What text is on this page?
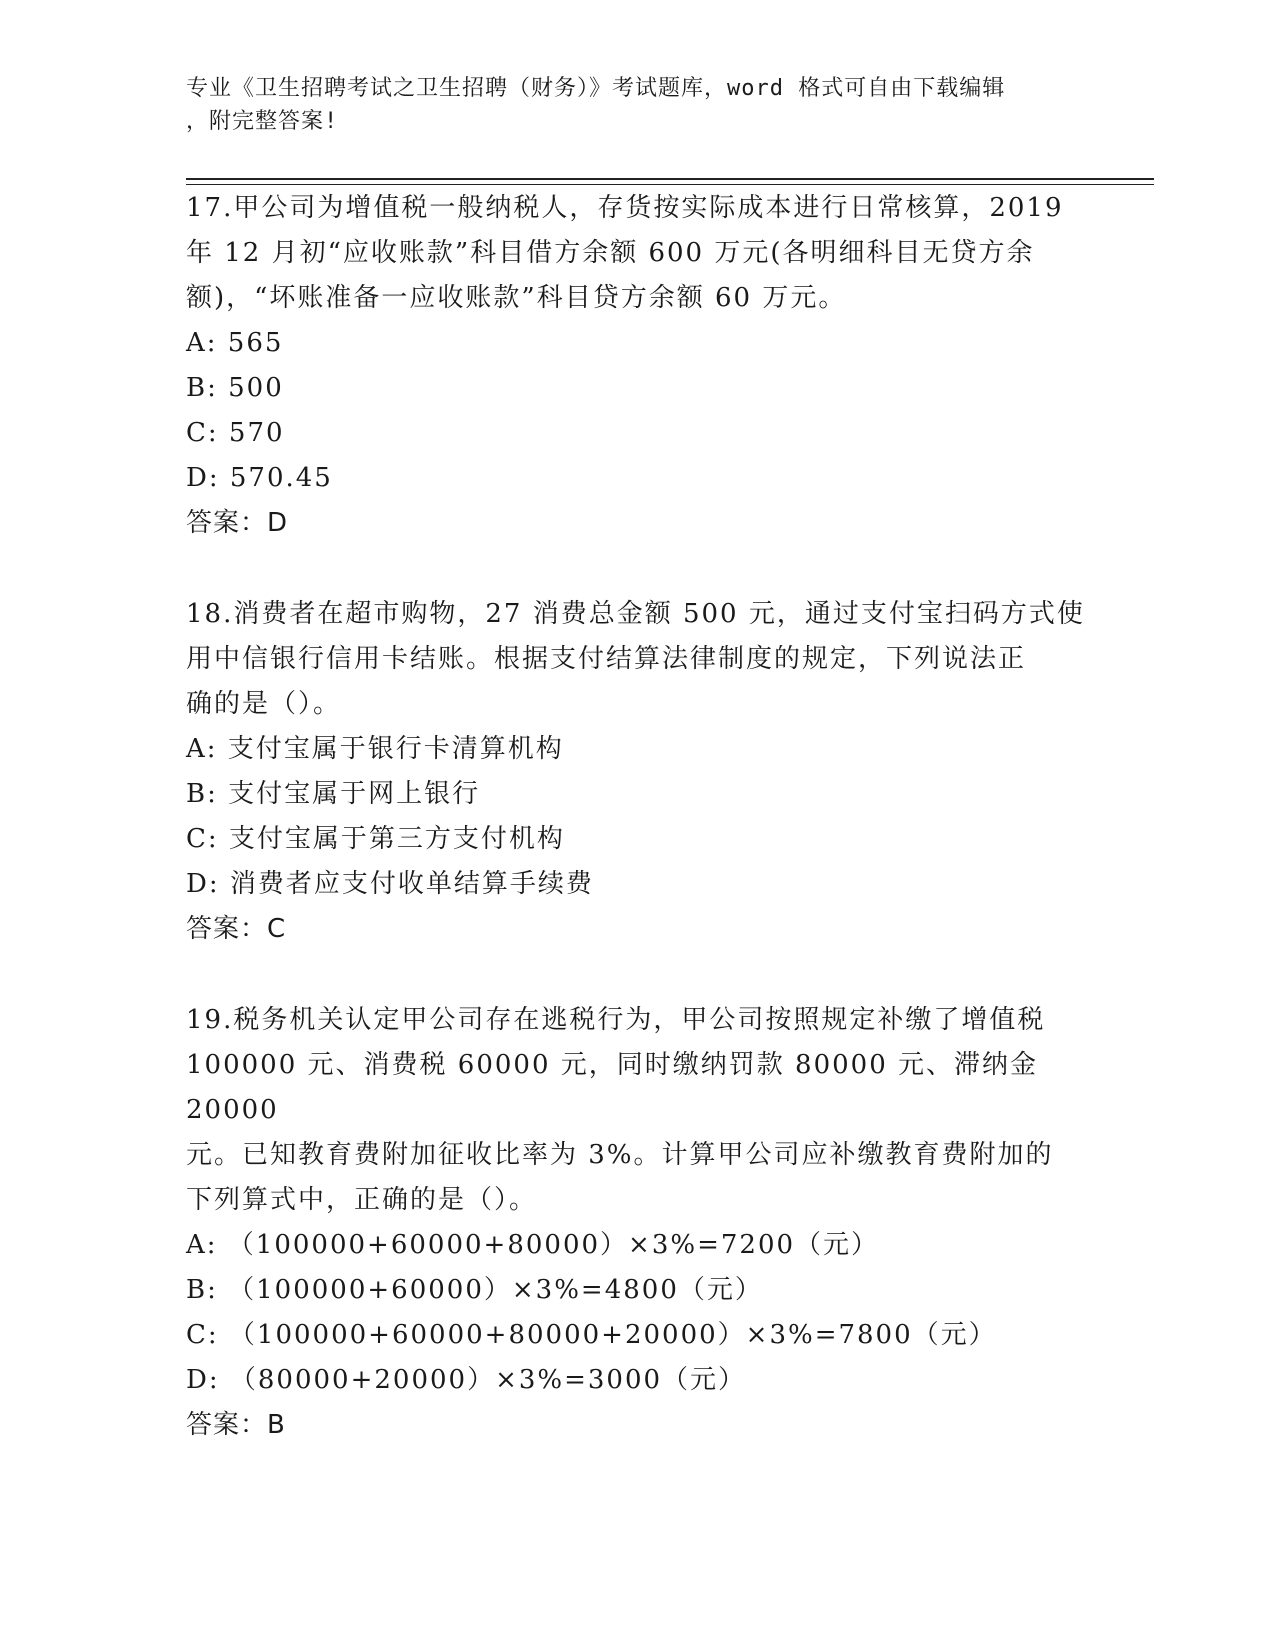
专业《卫生招聘考试之卫生招聘（财务）》考试题库，word 格式可自由下载编辑
，附完整答案!
17.甲公司为增值税一般纳税人，存货按实际成本进行日常核算，2019
年 12 月初“应收账款”科目借方余额 600 万元(各明细科目无贷方余
额)，“坏账准备一应收账款”科目贷方余额 60 万元。
A: 565
B: 500
C: 570
D: 570.45
答案：D
18.消费者在超市购物，27 消费总金额 500 元，通过支付宝扫码方式使
用中信银行信用卡结账。根据支付结算法律制度的规定，下列说法正
确的是（）。
A: 支付宝属于银行卡清算机构
B: 支付宝属于网上银行
C: 支付宝属于第三方支付机构
D: 消费者应支付收单结算手续费
答案：C
19.税务机关认定甲公司存在逃税行为，甲公司按照规定补缴了增值税
100000 元、消费税 60000 元，同时缴纳罚款 80000 元、滞纳金 20000
元。已知教育费附加征收比率为 3%。计算甲公司应补缴教育费附加的
下列算式中，正确的是（）。
A: （100000+60000+80000）×3%=7200（元）
B: （100000+60000）×3%=4800（元）
C: （100000+60000+80000+20000）×3%=7800（元）
D: （80000+20000）×3%=3000（元）
答案：B
